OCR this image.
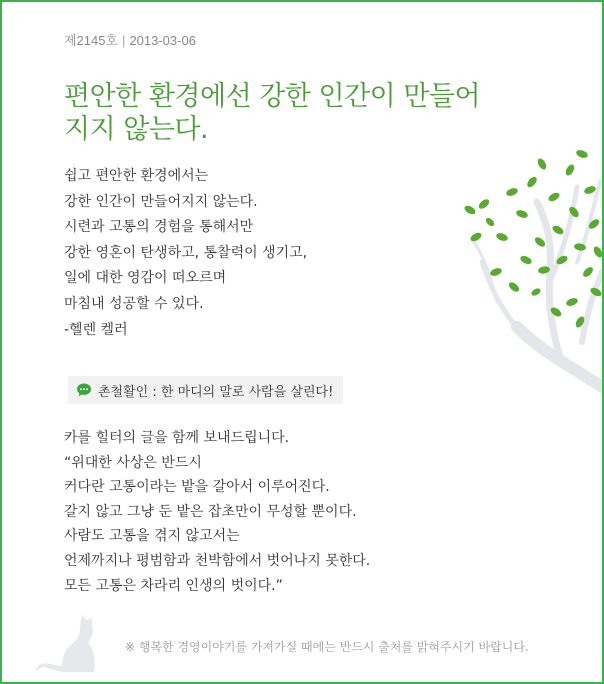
제2145호 | 2013-03-06
편안한 환경에선 강한 인간이 만들어
지지 않는다.
쉽고 편안한 환경에서는
강한 인간이 만들어지지 않는다.
시련과 고통의 경험을 통해서만
강한 영혼이 탄생하고, 통찰력이 생기고,
일에 대한 영감이 떠오르며
마침내 성공할 수 있다.
-헬렌 켈러
촌철활인 : 한 마디의 말로 사람을 살린다!
카를 힐터의 글을 함께 보내드립니다.
“위대한 사상은 반드시
커다란 고통이라는 밭을 갈아서 이루어진다.
갈지 않고 그냥 둔 밭은 잡초만이 무성할 뿐이다.
사람도 고통을 겪지 않고서는
언제까지나 평범함과 천박함에서 벗어나지 못한다.
모든 고통은 차라리 인생의 벗이다.”
※ 행복한 경영이야기를 가져가실 때에는 반드시 출처를 밝혀주시기 바랍니다.
